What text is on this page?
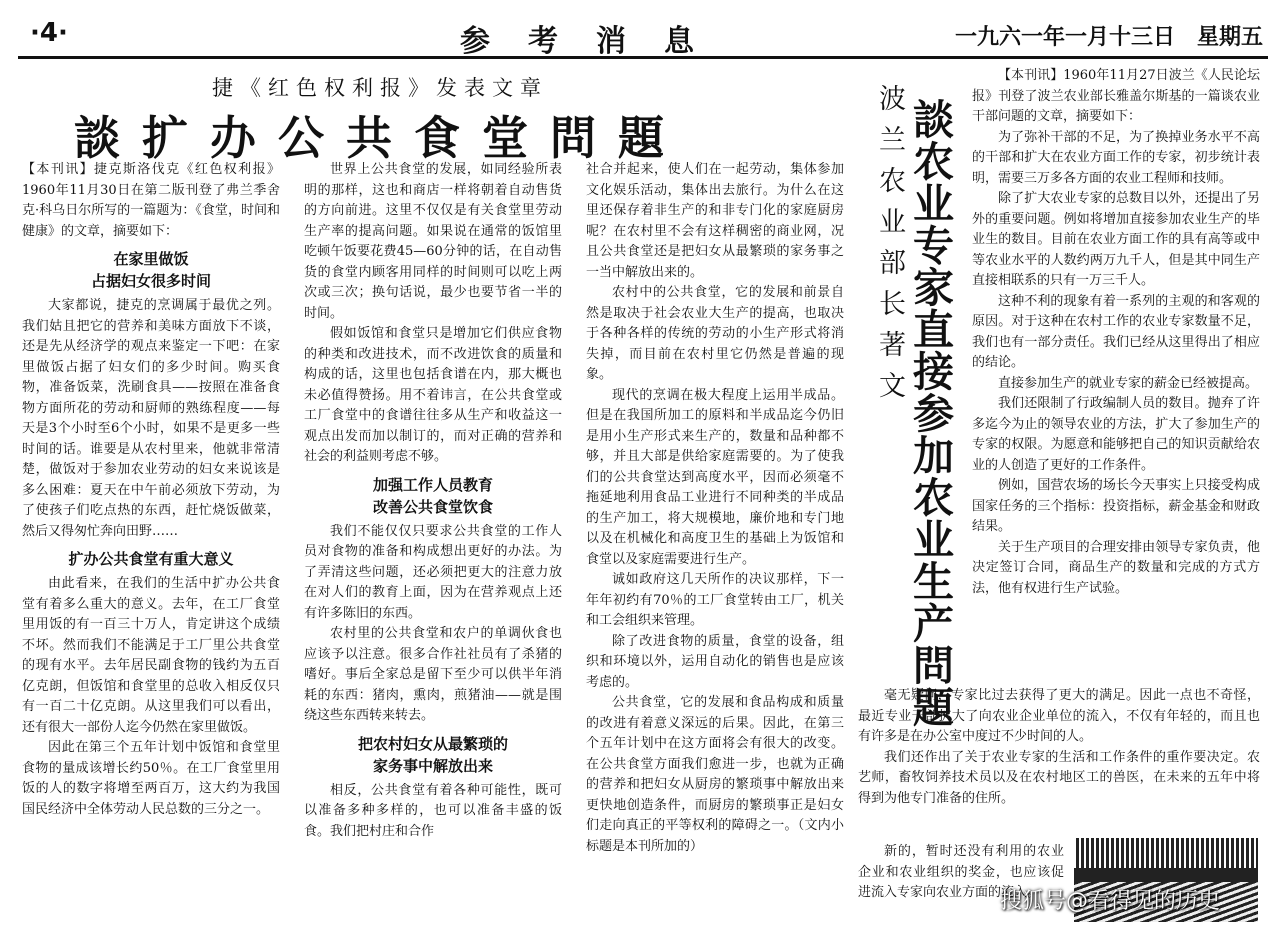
·4·	参考消息	一九六一年一月十三日　星期五
捷《红色权利报》发表文章
談扩办公共食堂問題

【本刊讯】捷克斯洛伐克《红色权利报》1960年11月30日在第二版刊登了弗兰季舍克·科乌日尔所写的一篇题为：《食堂，时间和健康》的文章，摘要如下：

在家里做饭
占据妇女很多时间

大家都说，捷克的烹调属于最优之列。我们姑且把它的营养和美味方面放下不谈，还是先从经济学的观点来鉴定一下吧：在家里做饭占据了妇女们的多少时间。购买食物，准备饭菜，洗刷食具——按照在准备食物方面所花的劳动和厨师的熟练程度——每天是3个小时至6个小时，如果不是更多一些时间的话。谁要是从农村里来，他就非常清楚，做饭对于参加农业劳动的妇女来说该是多么困难：夏天在中午前必须放下劳动，为了使孩子们吃点热的东西，赶忙烧饭做菜，然后又得匆忙奔向田野……

扩办公共食堂有重大意义

由此看来，在我们的生活中扩办公共食堂有着多么重大的意义。去年，在工厂食堂里用饭的有一百三十万人，肯定讲这个成绩不坏。然而我们不能满足于工厂里公共食堂的现有水平。去年居民副食物的钱约为五百亿克朗，但饭馆和食堂里的总收入相反仅只有一百二十亿克朗。从这里我们可以看出，还有很大一部份人迄今仍然在家里做饭。

因此在第三个五年计划中饭馆和食堂里食物的量成该增长约50％。在工厂食堂里用饭的人的数字将增至两百万，这大约为我国国民经济中全体劳动人民总数的三分之一。

世界上公共食堂的发展，如同经验所表明的那样，这也和商店一样将朝着自动售货的方向前进。这里不仅仅是有关食堂里劳动生产率的提高问题。如果说在通常的饭馆里吃顿午饭要花费45—60分钟的话，在自动售货的食堂内顾客用同样的时间则可以吃上两次或三次；换句话说，最少也要节省一半的时间。

假如饭馆和食堂只是增加它们供应食物的种类和改进技术，而不改进饮食的质量和构成的话，这里也包括食谱在内，那大概也未必值得赞扬。用不着讳言，在公共食堂或工厂食堂中的食谱往往多从生产和收益这一观点出发而加以制订的，而对正确的营养和社会的利益则考虑不够。

加强工作人员教育
改善公共食堂饮食

我们不能仅仅只要求公共食堂的工作人员对食物的准备和构成想出更好的办法。为了弄清这些问题，还必须把更大的注意力放在对人们的教育上面，因为在营养观点上还有许多陈旧的东西。

农村里的公共食堂和农户的单调伙食也应该予以注意。很多合作社社员有了杀猪的嗜好。事后全家总是留下至少可以供半年消耗的东西：猪肉，熏肉，煎猪油——就是围绕这些东西转来转去。

把农村妇女从最繁琐的
家务事中解放出来

相反，公共食堂有着各种可能性，既可以准备多种多样的，也可以准备丰盛的饭食。我们把村庄和合作

社合并起来，使人们在一起劳动，集体参加文化娱乐活动，集体出去旅行。为什么在这里还保存着非生产的和非专门化的家庭厨房呢？在农村里不会有这样稠密的商业网，况且公共食堂还是把妇女从最繁琐的家务事之一当中解放出来的。

农村中的公共食堂，它的发展和前景自然是取决于社会农业大生产的提高，也取决于各种各样的传统的劳动的小生产形式将消失掉，而目前在农村里它仍然是普遍的现象。

现代的烹调在极大程度上运用半成品。但是在我国所加工的原料和半成品迄今仍旧是用小生产形式来生产的，数量和品种都不够，并且大部是供给家庭需要的。为了使我们的公共食堂达到高度水平，因而必须毫不拖延地利用食品工业进行不同种类的半成品的生产加工，将大规模地，廉价地和专门地以及在机械化和高度卫生的基础上为饭馆和食堂以及家庭需要进行生产。

诚如政府这几天所作的决议那样，下一年年初约有70％的工厂食堂转由工厂，机关和工会组织来管理。

除了改进食物的质量，食堂的设备，组织和环境以外，运用自动化的销售也是应该考虑的。

公共食堂，它的发展和食品构成和质量的改进有着意义深远的后果。因此，在第三个五年计划中在这方面将会有很大的改变。在公共食堂方面我们愈进一步，也就为正确的营养和把妇女从厨房的繁琐事中解放出来更快地创造条件，而厨房的繁琐事正是妇女们走向真正的平等权利的障碍之一。（文内小标题是本刊所加的）

波兰农业部长著文 談农业专家直接参加农业生产問題

【本刊讯】1960年11月27日波兰《人民论坛报》刊登了波兰农业部长雅盖尔斯基的一篇谈农业干部问题的文章，摘要如下：

为了弥补干部的不足，为了换掉业务水平不高的干部和扩大在农业方面工作的专家，初步统计表明，需要三万多各方面的农业工程师和技师。

除了扩大农业专家的总数目以外，还提出了另外的重要问题。例如将增加直接参加农业生产的毕业生的数目。目前在农业方面工作的具有高等或中等农业水平的人数约两万九千人，但是其中同生产直接相联系的只有一万三千人。

这种不利的现象有着一系列的主观的和客观的原因。对于这种在农村工作的农业专家数量不足，我们也有一部分责任。我们已经从这里得出了相应的结论。

直接参加生产的就业专家的薪金已经被提高。

我们还限制了行政编制人员的数目。抛弃了许多迄今为止的领导农业的方法，扩大了参加生产的专家的权限。为愿意和能够把自己的知识贡献给农业的人创造了更好的工作条件。

例如，国营农场的场长今天事实上只接受构成国家任务的三个指标：投资指标，薪金基金和财政结果。

关于生产项目的合理安排由领导专家负责，他决定签订合同，商品生产的数量和完成的方式方法，他有权进行生产试验。

毫无疑问，专家比过去获得了更大的满足。因此一点也不奇怪，最近专业干部扩大了向农业企业单位的流入，不仅有年轻的，而且也有许多是在办公室中度过不少时间的人。

我们还作出了关于农业专家的生活和工作条件的重作要决定。农艺师，畜牧饲养技术员以及在农村地区工的兽医，在未来的五年中将得到为他专门准备的住所。

新的，暂时还没有利用的农业企业和农业组织的奖金，也应该促进流入专家向农业方面的流入。

搜狐号@看得见的历史
